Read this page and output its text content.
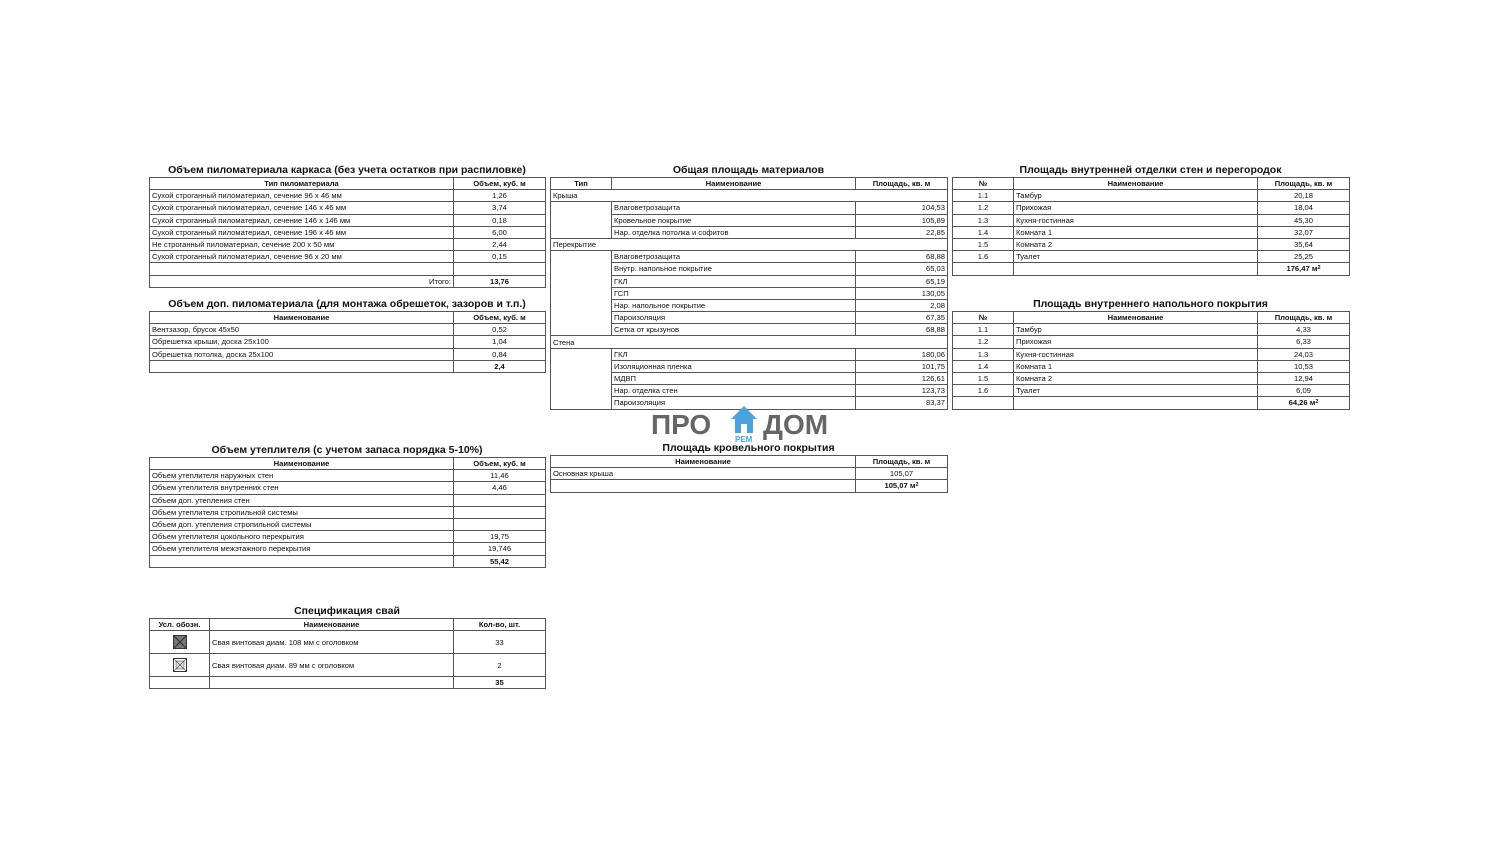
Объем пиломатериала каркаса (без учета остатков при распиловке)
Тип пиломатериала	Объем, куб. м
Сухой строганный пиломатериал, сечение 96 х 46 мм	1,26
Сухой строганный пиломатериал, сечение 146 х 46 мм	3,74
Сухой строганный пиломатериал, сечение 146 х 146 мм	0,18
Сухой строганный пиломатериал, сечение 196 х 46 мм	6,00
Не строганный пиломатериал, сечение 200 х 50 мм	2,44
Сухой строганный пиломатериал, сечение 96 х 20 мм	0,15

Итого:	13,76
Объем доп. пиломатериала (для монтажа обрешеток, зазоров и т.п.)
Наименование	Объем, куб. м
Вентзазор, брусок 45х50	0,52
Обрешетка крыши, доска 25х100	1,04
Обрешетка потолка, доска 25х100	0,84
	2,4
Объем утеплителя (с учетом запаса порядка 5-10%)
Наименование	Объем, куб. м
Объем утеплителя наружных стен	11,46
Объем утеплителя внутренних стен	4,46
Объем доп. утепления стен	
Объем утеплителя стропильной системы	
Объем доп. утепления стропильной системы	
Объем утеплителя цокольного перекрытия	19,75
Объем утеплителя межэтажного перекрытия	19,746
	55,42
Спецификация свай
Усл. обозн.	Наименование	Кол-во, шт.

	Свая винтовая диам. 108 мм с оголовком	33

	Свая винтовая диам. 89 мм с оголовком	2
		35
Общая площадь материалов
Тип	Наименование	Площадь, кв. м
Крыша		
	Влаговетрозащита	104,53
	Кровельное покрытие	105,89
	Нар. отделка потолка и софитов	22,85
Перекрытие		
	Влаговетрозащита	68,88
	Внутр. напольное покрытие	65,03
	ГКЛ	65,19
	ГСП	130,05
	Нар. напольное покрытие	2,08
	Пароизоляция	67,35
	Сетка от крызунов	68,88
Стена		
	ГКЛ	180,06
	Изоляционная пленка	101,75
	МДВП	126,61
	Нар. отделка стен	123,73
	Пароизоляция	83,37
ПРО	РЕМ ДОМ
Площадь кровельного покрытия
Наименование	Площадь, кв. м
Основная крыша	105,07
	105,07 $м^2$
Площадь внутренней отделки стен и перегородок
№	Наименование	Площадь, кв. м
1.1	Тамбур	20,18
1.2	Прихожая	18,04
1.3	Кухня-гостинная	45,30
1.4	Комната 1	32,07
1.5	Комната 2	35,64
1.6	Туалет	25,25
		176,47 $м^2$
Площадь внутреннего напольного покрытия
№	Наименование	Площадь, кв. м
1.1	Тамбур	4,33
1.2	Прихожая	6,33
1.3	Кухня-гостинная	24,03
1.4	Комната 1	10,53
1.5	Комната 2	12,94
1.6	Туалет	6,09
		64,26 $м^2$
